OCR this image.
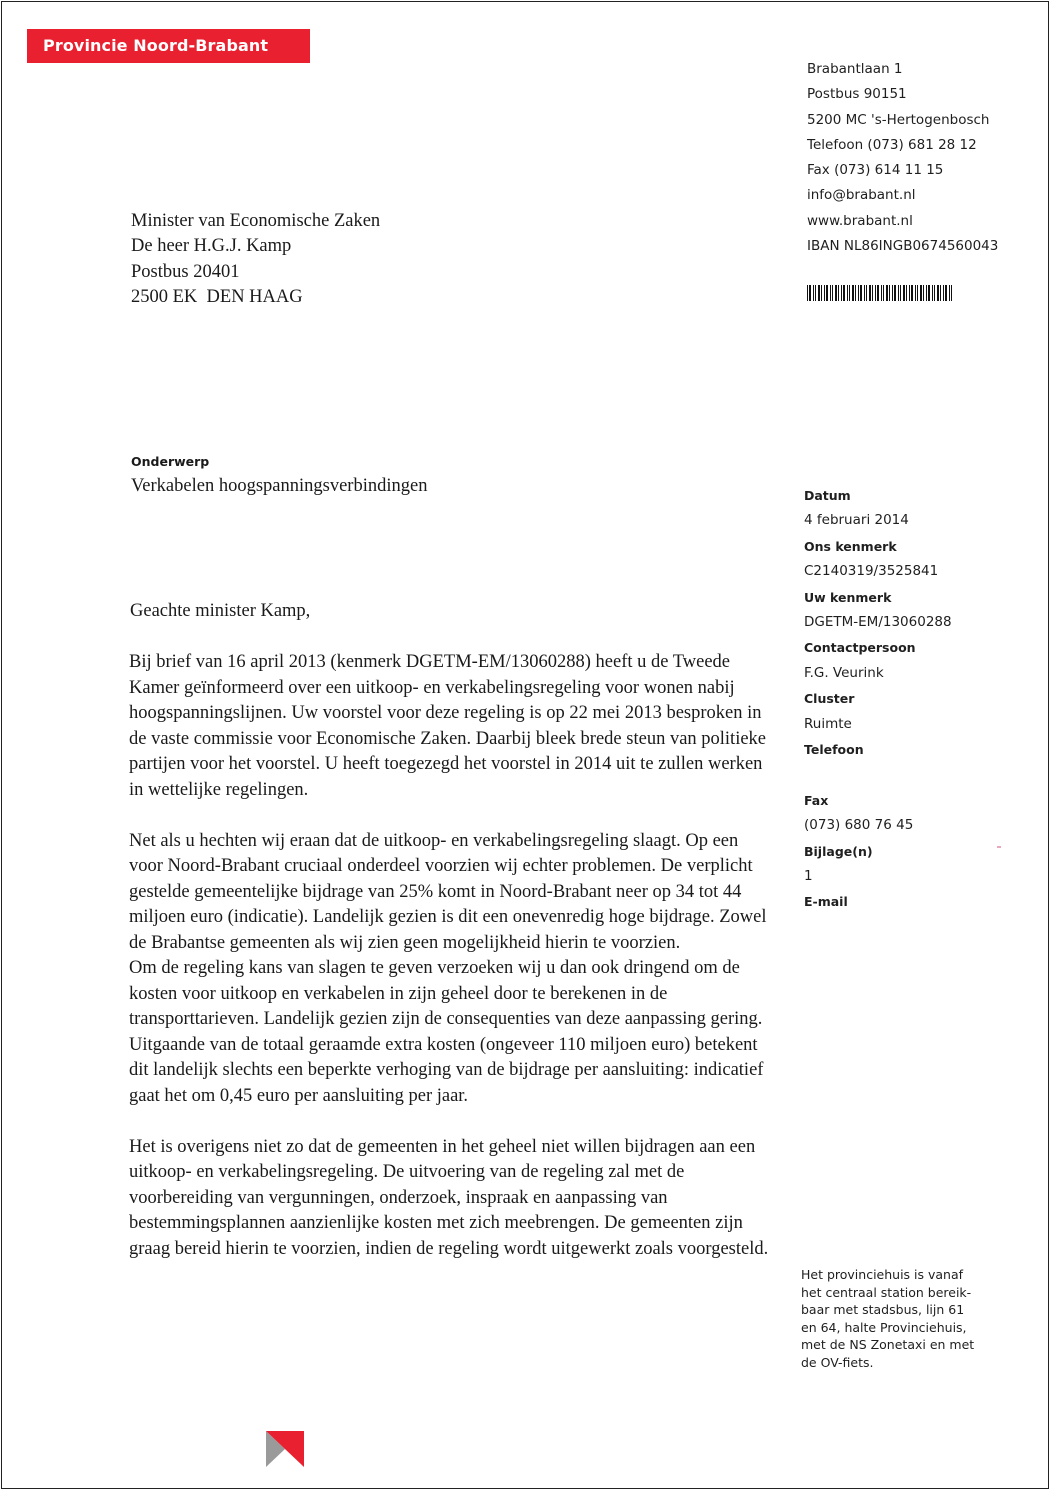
Provincie Noord-Brabant
Brabantlaan 1
Postbus 90151
5200 MC 's-Hertogenbosch
Telefoon (073) 681 28 12
Fax (073) 614 11 15
info@brabant.nl
www.brabant.nl
IBAN NL86INGB0674560043
Minister van Economische Zaken
De heer H.G.J. Kamp
Postbus 20401
2500 EK  DEN HAAG
Onderwerp
Verkabelen hoogspanningsverbindingen	Datum
4 februari 2014
Ons kenmerk
C2140319/3525841
Uw kenmerk
DGETM-EM/13060288
Contactpersoon
F.G. Veurink
Cluster
Ruimte
Telefoon
Fax
(073) 680 76 45
Bijlage(n)
1
E-mail
Geachte minister Kamp,

Bij brief van 16 april 2013 (kenmerk DGETM-EM/13060288) heeft u de Tweede Kamer geïnformeerd over een uitkoop- en verkabelingsregeling voor wonen nabij hoogspanningslijnen. Uw voorstel voor deze regeling is op 22 mei 2013 besproken in de vaste commissie voor Economische Zaken. Daarbij bleek brede steun van politieke partijen voor het voorstel. U heeft toegezegd het voorstel in 2014 uit te zullen werken in wettelijke regelingen.

Net als u hechten wij eraan dat de uitkoop- en verkabelingsregeling slaagt. Op een voor Noord-Brabant cruciaal onderdeel voorzien wij echter problemen. De verplicht gestelde gemeentelijke bijdrage van 25% komt in Noord-Brabant neer op 34 tot 44 miljoen euro (indicatie). Landelijk gezien is dit een onevenredig hoge bijdrage. Zowel de Brabantse gemeenten als wij zien geen mogelijkheid hierin te voorzien.

Om de regeling kans van slagen te geven verzoeken wij u dan ook dringend om de kosten voor uitkoop en verkabelen in zijn geheel door te berekenen in de transporttarieven. Landelijk gezien zijn de consequenties van deze aanpassing gering. Uitgaande van de totaal geraamde extra kosten (ongeveer 110 miljoen euro) betekent dit landelijk slechts een beperkte verhoging van de bijdrage per aansluiting: indicatief gaat het om 0,45 euro per aansluiting per jaar.

Het is overigens niet zo dat de gemeenten in het geheel niet willen bijdragen aan een uitkoop- en verkabelingsregeling. De uitvoering van de regeling zal met de voorbereiding van vergunningen, onderzoek, inspraak en aanpassing van bestemmingsplannen aanzienlijke kosten met zich meebrengen. De gemeenten zijn graag bereid hierin te voorzien, indien de regeling wordt uitgewerkt zoals voorgesteld.

Het provinciehuis is vanaf
het centraal station bereik-
baar met stadsbus, lijn 61
en 64, halte Provinciehuis,
met de NS Zonetaxi en met
de OV-fiets.
